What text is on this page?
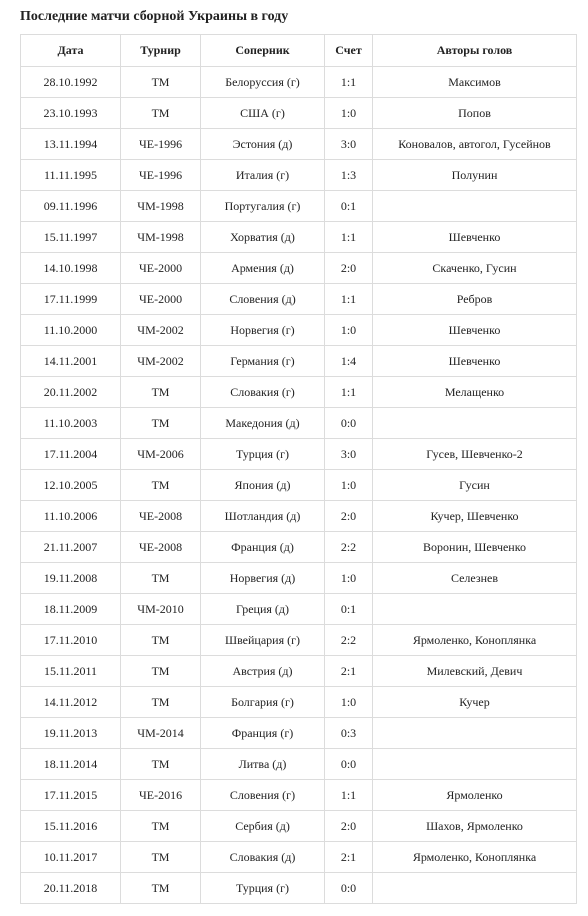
Последние матчи сборной Украины в году
Дата	Турнир	Соперник	Счет	Авторы голов
28.10.1992	ТМ	Белоруссия (г)	1:1	Максимов
23.10.1993	ТМ	США (г)	1:0	Попов
13.11.1994	ЧЕ-1996	Эстония (д)	3:0	Коновалов, автогол, Гусейнов
11.11.1995	ЧЕ-1996	Италия (г)	1:3	Полунин
09.11.1996	ЧМ-1998	Португалия (г)	0:1	
15.11.1997	ЧМ-1998	Хорватия (д)	1:1	Шевченко
14.10.1998	ЧЕ-2000	Армения (д)	2:0	Скаченко, Гусин
17.11.1999	ЧЕ-2000	Словения (д)	1:1	Ребров
11.10.2000	ЧМ-2002	Норвегия (г)	1:0	Шевченко
14.11.2001	ЧМ-2002	Германия (г)	1:4	Шевченко
20.11.2002	ТМ	Словакия (г)	1:1	Мелащенко
11.10.2003	ТМ	Македония (д)	0:0	
17.11.2004	ЧМ-2006	Турция (г)	3:0	Гусев, Шевченко-2
12.10.2005	ТМ	Япония (д)	1:0	Гусин
11.10.2006	ЧЕ-2008	Шотландия (д)	2:0	Кучер, Шевченко
21.11.2007	ЧЕ-2008	Франция (д)	2:2	Воронин, Шевченко
19.11.2008	ТМ	Норвегия (д)	1:0	Селезнев
18.11.2009	ЧМ-2010	Греция (д)	0:1	
17.11.2010	ТМ	Швейцария (г)	2:2	Ярмоленко, Коноплянка
15.11.2011	ТМ	Австрия (д)	2:1	Милевский, Девич
14.11.2012	ТМ	Болгария (г)	1:0	Кучер
19.11.2013	ЧМ-2014	Франция (г)	0:3	
18.11.2014	ТМ	Литва (д)	0:0	
17.11.2015	ЧЕ-2016	Словения (г)	1:1	Ярмоленко
15.11.2016	ТМ	Сербия (д)	2:0	Шахов, Ярмоленко
10.11.2017	ТМ	Словакия (д)	2:1	Ярмоленко, Коноплянка
20.11.2018	ТМ	Турция (г)	0:0	
